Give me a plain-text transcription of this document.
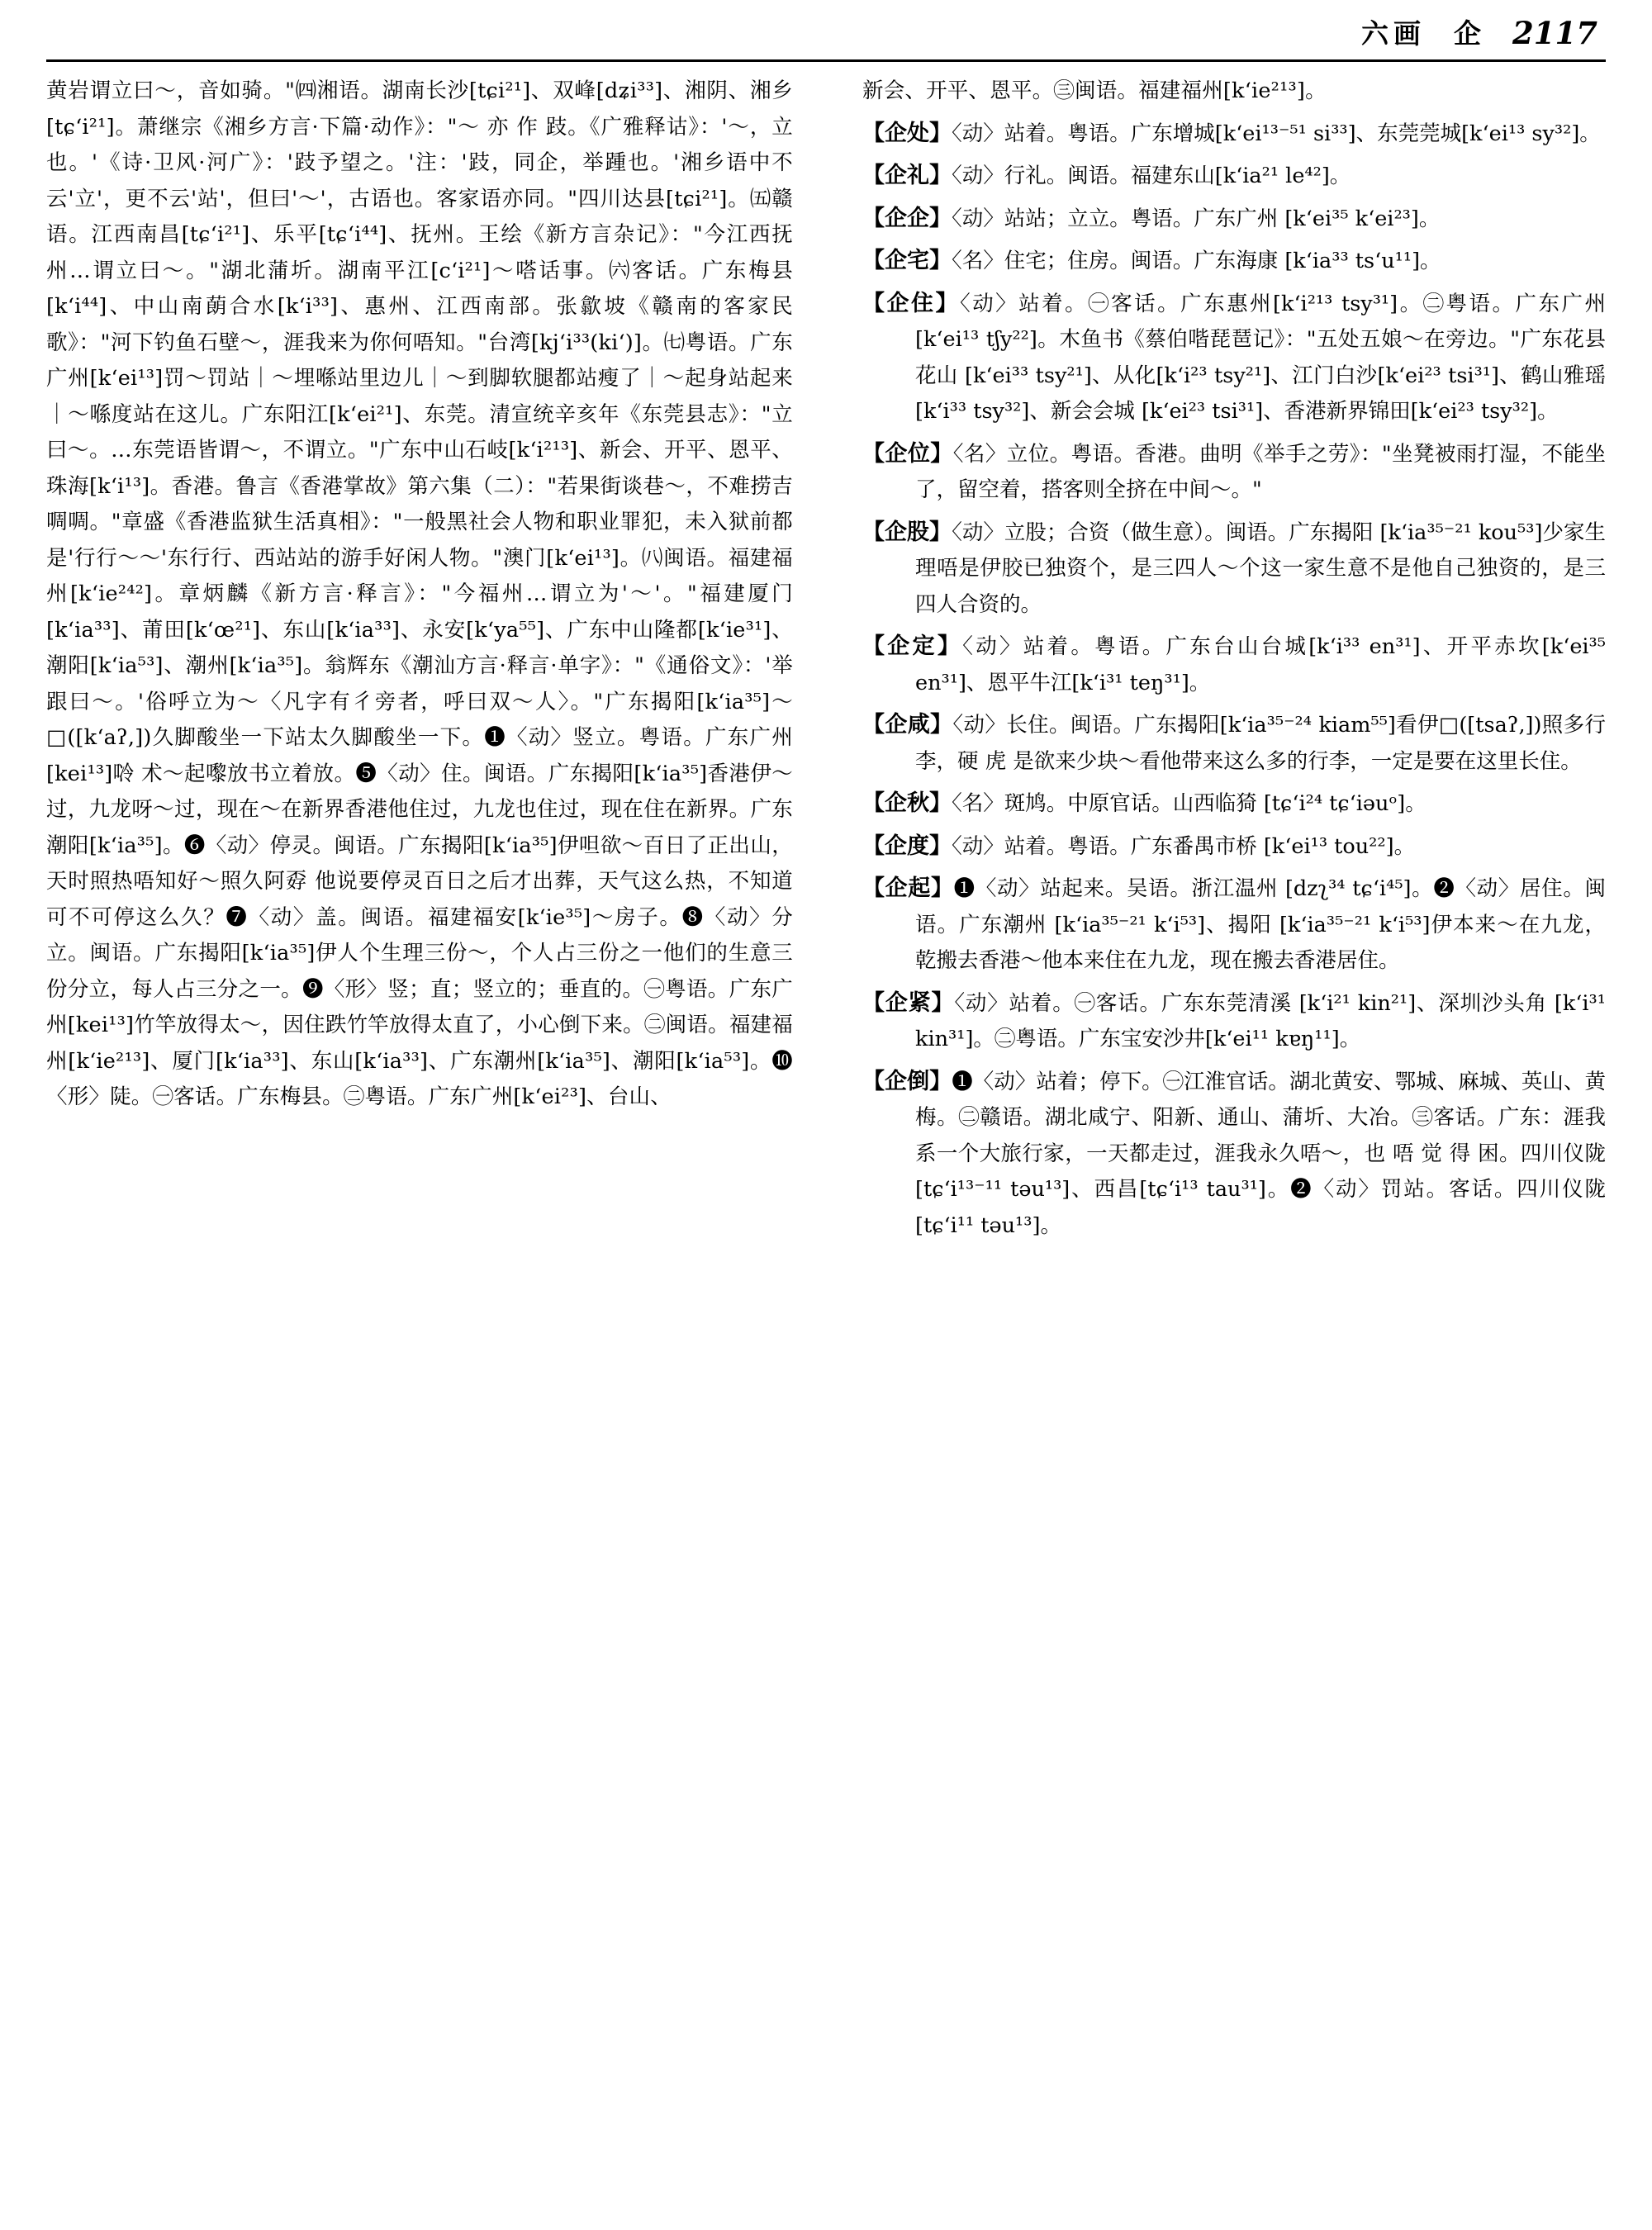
六画 企 2117
黄岩谓立曰〜，音如骑。"㈣湘语。湖南长沙[tɕi²¹]、双峰[dʑi³³]、湘阴、湘乡[tɕʻi²¹]。萧继宗《湘乡方言·下篇·动作》："〜 亦 作 跂。《广雅释诂》：'〜，立也。'《诗·卫风·河广》：'跂予望之。'注：'跂，同企，举踵也。'湘乡语中不云'立'，更不云'站'，但曰'〜'，古语也。客家语亦同。"四川达县[tɕi²¹]。㈤赣语。江西南昌[tɕʻi²¹]、乐平[tɕʻi⁴⁴]、抚州。王绘《新方言杂记》："今江西抚州…谓立曰〜。"湖北蒲圻。湖南平江[cʻi²¹]〜嗒话事。㈥客话。广东梅县[kʻi⁴⁴]、中山南蓢合水[kʻi³³]、惠州、江西南部。张歙坡《赣南的客家民歌》："河下钓鱼石壁〜，涯我来为你何唔知。"台湾[kjʻi³³(kiʻ)]。㈦粤语。广东广州[kʻei¹³]罚〜罚站｜〜埋喺站里边儿｜〜到脚软腿都站瘦了｜〜起身站起来｜〜喺度站在这儿。广东阳江[kʻei²¹]、东莞。清宣统辛亥年《东莞县志》："立曰〜。…东莞语皆谓〜，不谓立。"广东中山石岐[kʻi²¹³]、新会、开平、恩平、珠海[kʻi¹³]。香港。鲁言《香港掌故》第六集（二）："若果街谈巷〜，不难捞吉啁啁。"章盛《香港监狱生活真相》："一般黑社会人物和职业罪犯，未入狱前都是'行行〜〜'东行行、西站站的游手好闲人物。"澳门[kʻei¹³]。㈧闽语。福建福州[kʻie²⁴²]。章炳麟《新方言·释言》："今福州…谓立为'〜'。"福建厦门[kʻia³³]、莆田[kʻœ²¹]、东山[kʻia³³]、永安[kʻya⁵⁵]、广东中山隆都[kʻie³¹]、潮阳[kʻia⁵³]、潮州[kʻia³⁵]。翁辉东《潮汕方言·释言·单字》："《通俗文》：'举跟曰〜。'俗呼立为〜〈凡字有彳旁者，呼曰双〜人〉。"广东揭阳[kʻia³⁵]〜□([kʻaʔ,])久脚酸坐一下站太久脚酸坐一下。❶〈动〉竖立。粤语。广东广州[kei¹³]唥 术〜起嚟放书立着放。❺〈动〉住。闽语。广东揭阳[kʻia³⁵]香港伊〜过，九龙呀〜过，现在〜在新界香港他住过，九龙也住过，现在住在新界。广东潮阳[kʻia³⁵]。❻〈动〉停灵。闽语。广东揭阳[kʻia³⁵]伊呾欲〜百日了正出山，天时照热唔知好〜照久阿孬 他说要停灵百日之后才出葬，天气这么热，不知道可不可停这么久？❼〈动〉盖。闽语。福建福安[kʻie³⁵]〜房子。❽〈动〉分立。闽语。广东揭阳[kʻia³⁵]伊人个生理三份〜，个人占三份之一他们的生意三份分立，每人占三分之一。❾〈形〉竖；直；竖立的；垂直的。㊀粤语。广东广州[kei¹³]竹竿放得太〜，因住跌竹竿放得太直了，小心倒下来。㊁闽语。福建福州[kʻie²¹³]、厦门[kʻia³³]、东山[kʻia³³]、广东潮州[kʻia³⁵]、潮阳[kʻia⁵³]。❿〈形〉陡。㊀客话。广东梅县。㊁粤语。广东广州[kʻei²³]、台山、
新会、开平、恩平。㊂闽语。福建福州[kʻie²¹³]。
【企处】〈动〉站着。粤语。广东增城[kʻei¹³⁻⁵¹ si³³]、东莞莞城[kʻei¹³ sy³²]。
【企礼】〈动〉行礼。闽语。福建东山[kʻia²¹ le⁴²]。
【企企】〈动〉站站；立立。粤语。广东广州 [kʻei³⁵ kʻei²³]。
【企宅】〈名〉住宅；住房。闽语。广东海康 [kʻia³³ tsʻu¹¹]。
【企住】〈动〉站着。㊀客话。广东惠州[kʻi²¹³ tsy³¹]。㊁粤语。广东广州 [kʻei¹³ tʃy²²]。木鱼书《蔡伯喈琵琶记》："五处五娘〜在旁边。"广东花县花山 [kʻei³³ tsy²¹]、从化[kʻi²³ tsy²¹]、江门白沙[kʻei²³ tsi³¹]、鹤山雅瑶[kʻi³³ tsy³²]、新会会城 [kʻei²³ tsi³¹]、香港新界锦田[kʻei²³ tsy³²]。
【企位】〈名〉立位。粤语。香港。曲明《举手之劳》："坐凳被雨打湿，不能坐了，留空着，搭客则全挤在中间〜。"
【企股】〈动〉立股；合资（做生意）。闽语。广东揭阳 [kʻia³⁵⁻²¹ kou⁵³]少家生理唔是伊胶已独资个，是三四人〜个这一家生意不是他自己独资的，是三四人合资的。
【企定】〈动〉站着。粤语。广东台山台城[kʻi³³ en³¹]、开平赤坎[kʻei³⁵ en³¹]、恩平牛江[kʻi³¹ teŋ³¹]。
【企咸】〈动〉长住。闽语。广东揭阳[kʻia³⁵⁻²⁴ kiam⁵⁵]看伊□([tsaʔ,])照多行李，硬 虎 是欲来少块〜看他带来这么多的行李，一定是要在这里长住。
【企秋】〈名〉斑鸠。中原官话。山西临猗 [tɕʻi²⁴ tɕʻiəuᵒ]。
【企度】〈动〉站着。粤语。广东番禺市桥 [kʻei¹³ tou²²]。
【企起】❶〈动〉站起来。吴语。浙江温州 [dzʅ³⁴ tɕʻi⁴⁵]。❷〈动〉居住。闽语。广东潮州 [kʻia³⁵⁻²¹ kʻi⁵³]、揭阳 [kʻia³⁵⁻²¹ kʻi⁵³]伊本来〜在九龙，乾搬去香港〜他本来住在九龙，现在搬去香港居住。
【企紧】〈动〉站着。㊀客话。广东东莞清溪 [kʻi²¹ kin²¹]、深圳沙头角 [kʻi³¹ kin³¹]。㊁粤语。广东宝安沙井[kʻei¹¹ kɐŋ¹¹]。
【企倒】❶〈动〉站着；停下。㊀江淮官话。湖北黄安、鄂城、麻城、英山、黄梅。㊁赣语。湖北咸宁、阳新、通山、蒲圻、大冶。㊂客话。广东：涯我 系一个大旅行家，一天都走过，涯我永久唔〜，也 唔 觉 得 困。四川仪陇[tɕʻi¹³⁻¹¹ təu¹³]、西昌[tɕʻi¹³ tau³¹]。❷〈动〉罚站。客话。四川仪陇 [tɕʻi¹¹ təu¹³]。
